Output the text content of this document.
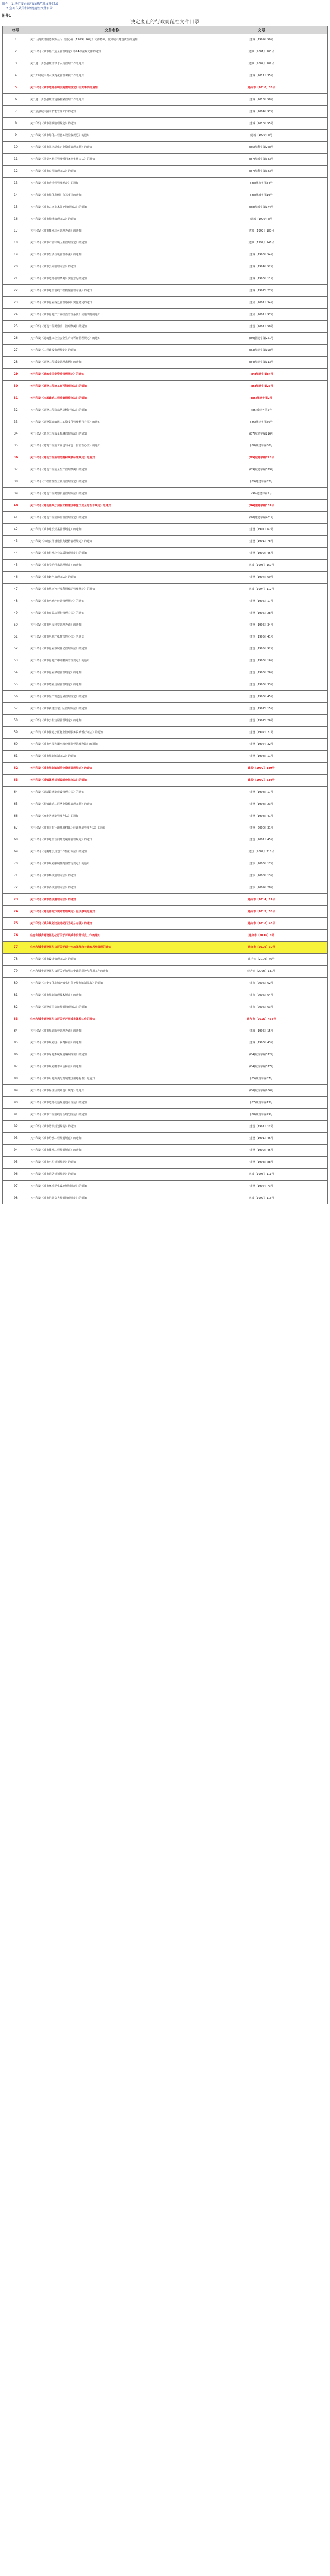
附件：1.决定废止的行政规范性文件目录
2.宣布失效的行政规范性文件目录
附件1
决定废止的行政规范性文件目录
序号	文件名称	文号
1	关于认真贯彻国务院办公厅《国办发〔1999〕16号》文件精神，做好城市建设资金的通知	建城〔1999〕50号
2	关于印发《城市燃气安全管理规定》等24项法规文件的通知	建城〔2001〕103号
3	关于进一步加强城市供水水质管理工作的通知	建城〔2004〕107号
4	关于开展城市供水规范化管理考核工作的通知	建城〔2011〕35号
5	关于印发《城市道路照明设施管理规定》有关事项的通知	建办市〔2010〕36号
6	关于进一步加强城市道路桥梁管理工作的通知	建城〔2013〕58号
7	关于加强城市照明节能管理工作的通知	建城〔2004〕97号
8	关于印发《城市照明管理规定》的通知	建城〔2010〕55号
9	关于印发《城市绿化工程施工及验收规范》的通知	建城〔1999〕8号
10	关于印发《城市园林绿化企业资质管理办法》的通知	(85)城科字第268号
11	关于印发《风景名胜区管理暂行条例实施办法》的通知	(87)城城字第343号
12	关于印发《城市公园管理办法》的通知	(87)城科字第383号
13	关于印发《城市动物园管理规定》的通知	(88)城市字第34号
14	关于印发《城市绿化条例》有关事项的通知	(88)城城字第19号
15	关于印发《城市古树名木保护管理办法》的通知	(88)城城字第174号
16	关于印发《城市绿线管理办法》的通知	建城〔1999〕8号
17	关于印发《城市排水许可管理办法》的通知	建城〔1992〕189号
18	关于印发《城市市容环境卫生管理规定》的通知	建城〔1992〕146号
19	关于印发《城市生活垃圾管理办法》的通知	建城〔1993〕54号
20	关于印发《城市公厕管理办法》的通知	建城〔1994〕52号
21	关于印发《城市道路管理条例》实施意见的通知	建城〔1996〕11号
22	关于印发《城市地下管线工程档案管理办法》的通知	建城〔1997〕27号
23	关于印发《城市房屋拆迁管理条例》实施意见的通知	建房〔2001〕34号
24	关于印发《城市房地产开发经营管理条例》实施细则的通知	建房〔2001〕97号
25	关于印发《建设工程勘察设计管理条例》的通知	建设〔2001〕58号
26	关于印发《建筑施工企业安全生产许可证管理规定》的通知	(80)国建字第221号
27	关于印发《工程建设监理规定》的通知	(83)城建字第198号
28	关于印发《建设工程质量管理条例》的通知	(84)城建字第113号
29	关于印发《建筑业企业资质管理规定》的通知	(84)城建字第84号
30	关于印发《建设工程施工许可管理办法》的通知	(85)城建字第23号
31	关于印发《房屋建筑工程质量保修办法》的通知	(86)城建字第2号
32	关于印发《建设工程价款结算暂行办法》的通知	(86)城建字第5号
33	关于印发《建设领域农民工工资支付管理暂行办法》的通知	(86)城建字第56号
34	关于印发《建设工程质量检测管理办法》的通知	(87)城建字第216号
35	关于印发《建筑工程施工发包与承包计价管理办法》的通知	(88)城建字第30号
36	关于印发《建设工程监理范围和规模标准规定》的通知	(89)城建字第228号
37	关于印发《建设工程安全生产管理条例》的通知	(89)城建字第329号
38	关于印发《工程监理企业资质管理规定》的通知	(89)建建字第52号
39	关于印发《建设工程勘察质量管理办法》的通知	(90)建建字第5号
40	关于印发《建设部关于加强工程建设中施工安全的若干规定》的通知	(90)建建字第132号
41	关于印发《建设工程消防监督管理规定》的通知	(90)建建字第401号
42	关于印发《城市建设档案管理规定》的通知	建设〔1991〕62号
43	关于印发《市政公用设施抗灾设防管理规定》的通知	建设〔1991〕78号
44	关于印发《城市供水企业资质管理规定》的通知	建设〔1992〕45号
45	关于印发《城市节约用水管理规定》的通知	建设〔1993〕157号
46	关于印发《城市燃气管理办法》的通知	建设〔1994〕69号
47	关于印发《城市地下水开发利用保护管理规定》的通知	建设〔1994〕112号
48	关于印发《城市房地产转让管理规定》的通知	建设〔1995〕17号
49	关于印发《城市商品房预售管理办法》的通知	建设〔1995〕28号
50	关于印发《城市房屋租赁管理办法》的通知	建设〔1995〕34号
51	关于印发《城市房地产抵押管理办法》的通知	建设〔1995〕41号
52	关于印发《城市房屋权属登记管理办法》的通知	建设〔1995〕92号
53	关于印发《城市房地产中介服务管理规定》的通知	建设〔1996〕16号
54	关于印发《城市房屋修缮管理规定》的通知	建设〔1996〕26号
55	关于印发《城市危险房屋管理规定》的通知	建设〔1996〕33号
56	关于印发《城市异产毗连房屋管理规定》的通知	建设〔1996〕45号
57	关于印发《城市新建住宅小区管理办法》的通知	建设〔1997〕15号
58	关于印发《城市公有房屋管理规定》的通知	建设〔1997〕26号
59	关于印发《城市住宅小区物业管理服务收费暂行办法》的通知	建设〔1997〕27号
60	关于印发《城市房屋便器水箱应用监督管理办法》的通知	建设〔1997〕32号
61	关于印发《城市规划编制办法》的通知	建设〔1998〕11号
62	关于印发《城市规划编制单位资质管理规定》的通知	建设〔1992〕189号
63	关于印发《城镇体系规划编制审批办法》的通知	建设〔1992〕334号
64	关于印发《建制镇规划建设管理办法》的通知	建设〔1998〕17号
65	关于印发《村镇建筑工匠从业资格管理办法》的通知	建设〔1998〕23号
66	关于印发《开发区规划管理办法》的通知	建设〔1998〕41号
67	关于印发《城市国有土地使用权出让转让规划管理办法》的通知	建设〔2000〕31号
68	关于印发《城市地下空间开发利用管理规定》的通知	建设〔2001〕45号
69	关于印发《近期建设规划工作暂行办法》的通知	建设〔2002〕218号
70	关于印发《城市规划强制性内容暂行规定》的通知	建市〔2006〕17号
71	关于印发《城市紫线管理办法》的通知	建市〔2008〕13号
72	关于印发《城市黄线管理办法》的通知	建市〔2009〕28号
73	关于印发《城市蓝线管理办法》的通知	建办市〔2014〕14号
74	关于印发《建设部城市规划管理规定》有关事项的通知	建办市〔2015〕58号
75	关于印发《城乡规划违法违纪行为处分办法》的通知	建办市〔2016〕45号
76	住房和城乡建设部办公厅关于开展城市设计试点工作的通知	建办市〔2016〕8号
77	住房和城乡建设部办公厅关于进一步加强城市与建筑风貌管理的通知	建办市〔2019〕30号
78	关于印发《城市设计管理办法》的通知	建办市〔2019〕46号
79	住房和城乡建设部办公厅关于加强历史建筑保护与利用工作的通知	建办市〔2006〕131号
80	关于印发《历史文化名城名镇名村保护规划编制要求》的通知	建市〔2006〕62号
81	关于印发《城市规划管理技术规定》的通知	建市〔2006〕64号
82	关于印发《建设项目选址规划管理办法》的通知	建市〔2006〕63号
83	住房和城乡建设部办公厅关于开展城市体检工作的通知	建办市〔2019〕438号
84	关于印发《城市规划监督管理办法》的通知	建城〔1995〕15号
85	关于印发《城市规划设计收费标准》的通知	建城〔1996〕43号
86	关于印发《城市绿地系统规划编制纲要》的通知	(84)城规字第372号
87	关于印发《城市规划基本术语标准》的通知	(84)城规字第377号
88	关于印发《城市用地分类与规划建设用地标准》的通知	(85)城规字第87号
89	关于印发《城市居住区规划设计规范》的通知	(86)城规字第206号
90	关于印发《城市道路交通规划设计规范》的通知	(87)城规字第13号
91	关于印发《城市工程管线综合规划规范》的通知	(88)城规字第29号
92	关于印发《城市防洪规划规范》的通知	建设〔1991〕12号
93	关于印发《城市给水工程规划规范》的通知	建设〔1991〕46号
94	关于印发《城市排水工程规划规范》的通知	建设〔1992〕45号
95	关于印发《城市电力规划规范》的通知	建设〔1993〕88号
96	关于印发《城市消防规划规范》的通知	建设〔1995〕111号
97	关于印发《城市环境卫生设施规划规范》的通知	建设〔1997〕73号
98	关于印发《城市抗震防灾规划管理规定》的通知	建设〔1997〕116号
